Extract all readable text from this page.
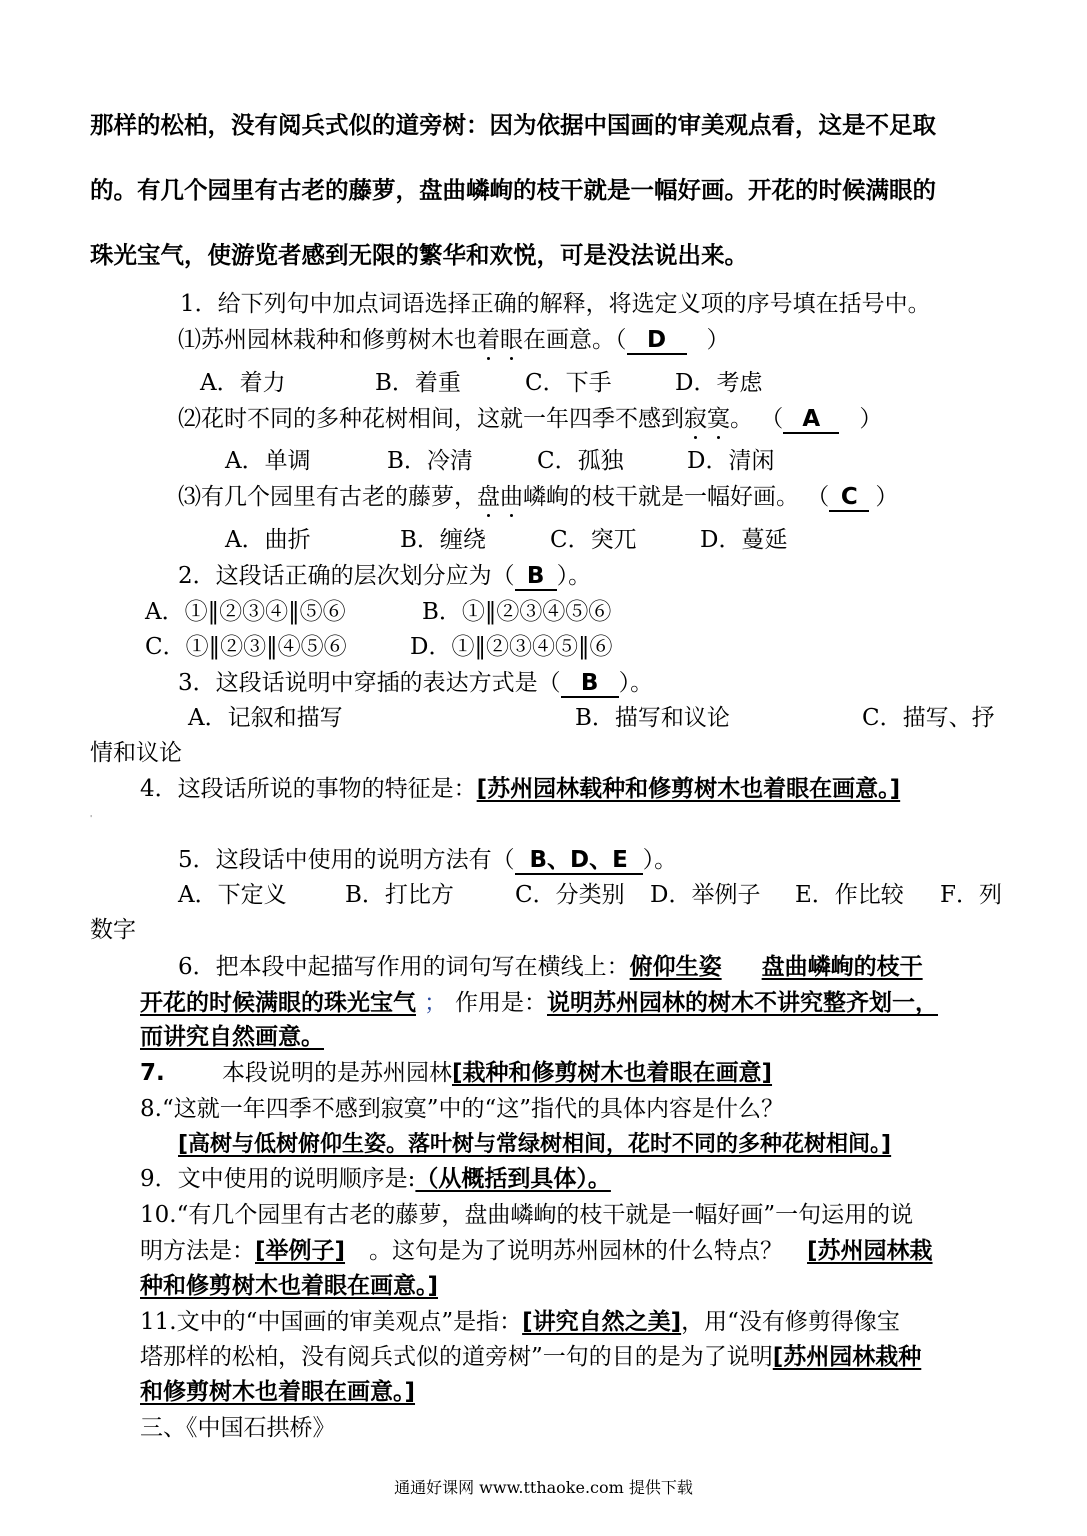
那样的松柏，没有阅兵式似的道旁树：因为依据中国画的审美观点看，这是不足取
的。有几个园里有古老的藤萝，盘曲嶙峋的枝干就是一幅好画。开花的时候满眼的
珠光宝气，使游览者感到无限的繁华和欢悦，可是没法说出来。
1．给下列句中加点词语选择正确的解释，将选定义项的序号填在括号中。
⑴苏州园林栽种和修剪树木也着眼在画意。（ D ）
A．着力	B．着重	C．下手	D．考虑
⑵花时不同的多种花树相间，这就一年四季不感到寂寞。 （ A ）
A．单调	B．冷清	C．孤独	D．清闲
⑶有几个园里有古老的藤萝，盘曲嶙峋的枝干就是一幅好画。 （ C ）
A．曲折	B．缠绕	C．突兀	D．蔓延
2．这段话正确的层次划分应为（ B ）。
A．①‖②③④‖⑤⑥	B．①‖②③④⑤⑥
C．①‖②③‖④⑤⑥	D．①‖②③④⑤‖⑥
3．这段话说明中穿插的表达方式是（ B ）。
A．记叙和描写	B．描写和议论	C．描写、抒
情和议论
4．这段话所说的事物的特征是：[苏州园林载种和修剪树木也着眼在画意。]
'
5．这段话中使用的说明方法有（ B、D、E ）。
A．下定义	B．打比方	C．分类别 D．举例子 E．作比较 F．列
数字
6．把本段中起描写作用的词句写在横线上：俯仰生姿 盘曲嶙峋的枝干
开花的时候满眼的珠光宝气 ； 作用是：说明苏州园林的树木不讲究整齐划一，
而讲究自然画意。
7. 本段说明的是苏州园林[栽种和修剪树木也着眼在画意]
8.“这就一年四季不感到寂寞”中的“这”指代的具体内容是什么？
[高树与低树俯仰生姿。落叶树与常绿树相间，花时不同的多种花树相间。]
9．文中使用的说明顺序是:（从概括到具体）。
10.“有几个园里有古老的藤萝，盘曲嶙峋的枝干就是一幅好画”一句运用的说
明方法是：[举例子] 。这句是为了说明苏州园林的什么特点？ [苏州园林栽
种和修剪树木也着眼在画意。]
11.文中的“中国画的审美观点”是指：[讲究自然之美]，用“没有修剪得像宝
塔那样的松柏，没有阅兵式似的道旁树”一句的目的是为了说明[苏州园林栽种
和修剪树木也着眼在画意。]
三、《中国石拱桥》
通通好课网 www.tthaoke.com 提供下载
